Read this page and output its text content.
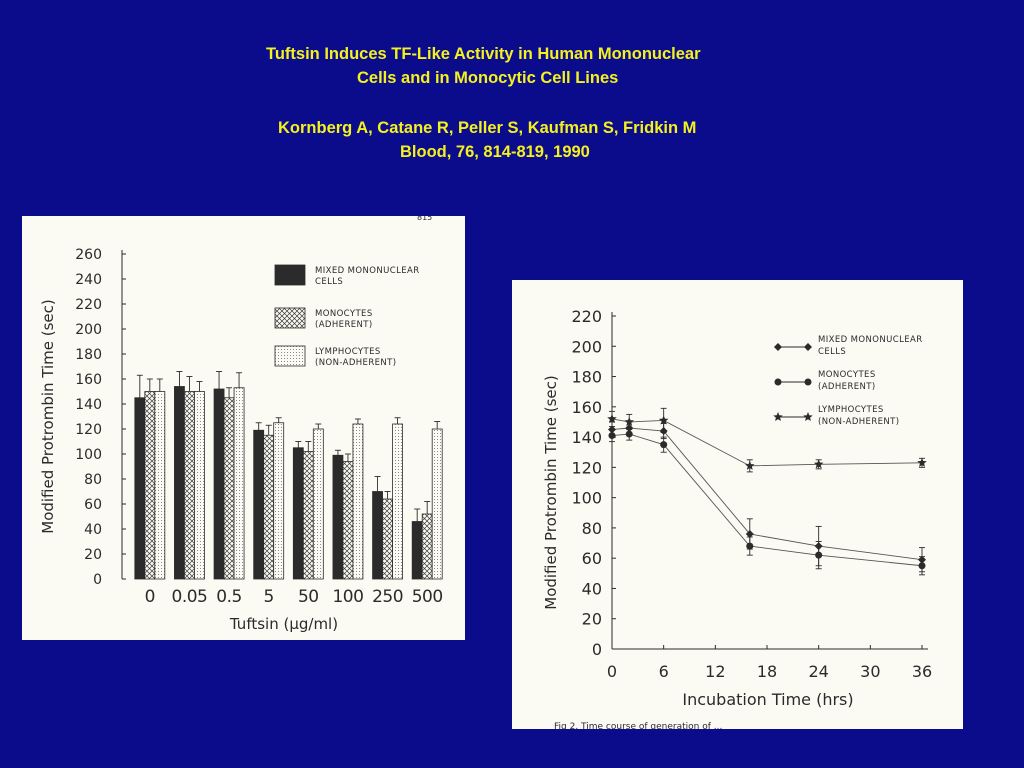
Tuftsin Induces TF-Like Activity in Human Mononuclear
Cells and in Monocytic Cell Lines
Kornberg A, Catane R, Peller S, Kaufman S, Fridkin M
Blood, 76, 814-819, 1990
815
0
20
40
60
80
100
120
140
160
180
200
220
240
260
Modified Protrombin Time (sec)
0 0.05 0.5 5 50 100 250 500
Tuftsin (μg/ml)
MIXED MONONUCLEAR
CELLS
MONOCYTES
(ADHERENT)
LYMPHOCYTES
(NON-ADHERENT)
Fig 2. Time course of generation of ...
0
20
40
60
80
100
120
140
160
180
200
220
0	6 12 18 24 30 36
Modified Protrombin Time (sec)
Incubation Time (hrs)
MIXED MONONUCLEAR
CELLS
MONOCYTES
(ADHERENT)
LYMPHOCYTES
(NON-ADHERENT)
